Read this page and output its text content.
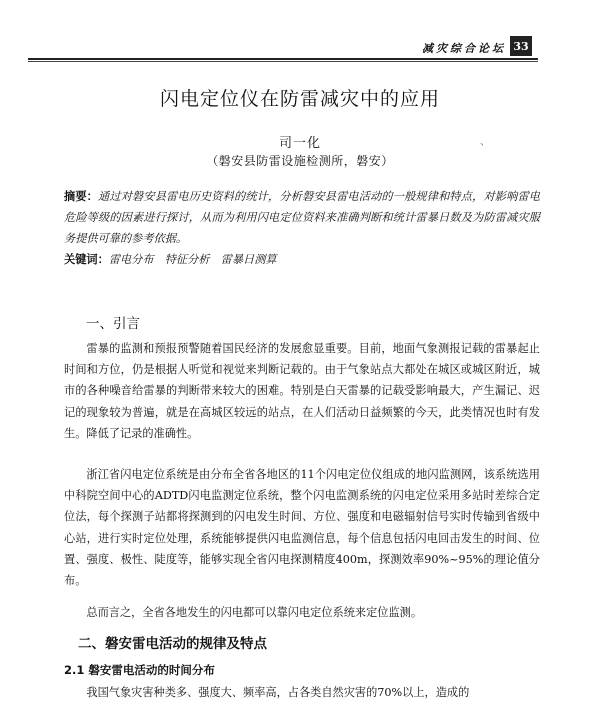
减灾综合论坛 33
闪电定位仪在防雷减灾中的应用
司一化	、
（磐安县防雷设施检测所，磐安）
摘要：通过对磐安县雷电历史资料的统计，分析磐安县雷电活动的一般规律和特点，对影响雷电危险等级的因素进行探讨，从而为利用闪电定位资料来准确判断和统计雷暴日数及为防雷减灾服务提供可靠的参考依据。
关键词：雷电分布　特征分析　雷暴日测算
一、引言
雷暴的监测和预报预警随着国民经济的发展愈显重要。目前，地面气象测报记载的雷暴起止时间和方位，仍是根据人听觉和视觉来判断记载的。由于气象站点大都处在城区或城区附近，城市的各种噪音给雷暴的判断带来较大的困难。特别是白天雷暴的记载受影响最大，产生漏记、迟记的现象较为普遍，就是在高城区较远的站点，在人们活动日益频繁的今天，此类情况也时有发生。降低了记录的准确性。
浙江省闪电定位系统是由分布全省各地区的11个闪电定位仪组成的地闪监测网，该系统选用中科院空间中心的ADTD闪电监测定位系统，整个闪电监测系统的闪电定位采用多站时差综合定位法，每个探测子站都将探测到的闪电发生时间、方位、强度和电磁辐射信号实时传输到省级中心站，进行实时定位处理，系统能够提供闪电监测信息，每个信息包括闪电回击发生的时间、位置、强度、极性、陡度等，能够实现全省闪电探测精度400m，探测效率90%~95%的理论值分布。
总而言之，全省各地发生的闪电都可以靠闪电定位系统来定位监测。
二、磐安雷电活动的规律及特点
2.1 磐安雷电活动的时间分布
我国气象灾害种类多、强度大、频率高，占各类自然灾害的70%以上，造成的
